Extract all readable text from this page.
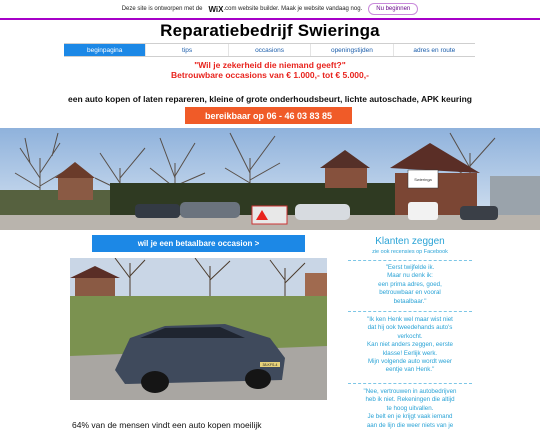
Deze site is ontworpen met de WiX .com website builder. Maak je website vandaag nog.	Nu beginnen
Reparatiebedrijf Swieringa
beginpagina	tips	occasions	openingstijden	adres en route
"Wil je zekerheid die niemand geeft?"
Betrouwbare occasions van € 1.000,- tot € 5.000,-
een auto kopen of laten repareren, kleine of grote onderhoudsbeurt, lichte autoschade, APK keuring
bereikbaar op 06 - 46 03 83 85
Swieringa
wil je een betaalbare occasion >
38-KFS-4
64% van de mensen vindt een auto kopen moeilijk
Klanten zeggen
zie ook recensies op Facebook
"Eerst twijfelde ik.
Maar nu denk ik:
een prima adres, goed,
betrouwbaar en vooral
betaalbaar."
"Ik ken Henk wel maar wist niet
dat hij ook tweedehands auto's
verkocht.
Kan niet anders zeggen, eerste
klasse! Eerlijk werk.
Mijn volgende auto wordt weer
eentje van Henk."
"Nee, vertrouwen in autobedrijven
heb ik niet. Rekeningen die altijd
te hoog uitvallen.
Je belt en je krijgt vaak iemand
aan de lijn die weer niets van je
